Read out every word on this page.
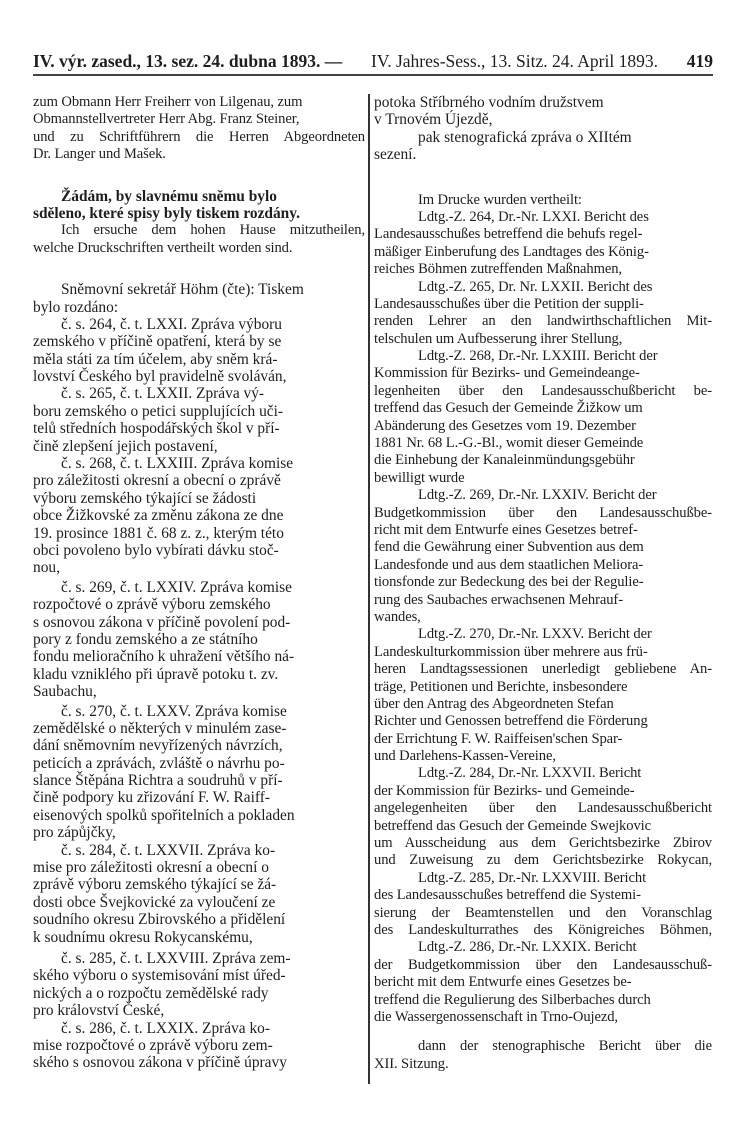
IV. výr. zased., 13. sez. 24. dubna 1893. — IV. Jahres-Sess., 13. Sitz. 24. April 1893. 419
zum Obmann Herr Freiherr von Lilgenau, zum
Obmannstellvertreter Herr Abg. Franz Steiner,
und zu Schriftführern die Herren Abgeordneten
Dr. Langer und Mašek.
Žádám, by slavnému sněmu bylo
sděleno, které spisy byly tiskem rozdány.
Ich ersuche dem hohen Hause mitzutheilen,
welche Druckschriften vertheilt worden sind.
Sněmovní sekretář Höhm (čte): Tiskem
bylo rozdáno:
č. s. 264, č. t. LXXI. Zpráva výboru
zemského v příčině opatření, která by se
měla státi za tím účelem, aby sněm krá-
lovství Českého byl pravidelně svoláván,
č. s. 265, č. t. LXXII. Zpráva vý-
boru zemského o petici supplujících uči-
telů středních hospodářských škol v pří-
čině zlepšení jejich postavení,
č. s. 268, č. t. LXXIII. Zpráva komise
pro záležitosti okresní a obecní o zprávě
výboru zemského týkající se žádosti
obce Žižkovské za změnu zákona ze dne
19. prosince 1881 č. 68 z. z., kterým této
obci povoleno bylo vybírati dávku stoč-
nou,
č. s. 269, č. t. LXXIV. Zpráva komise
rozpočtové o zprávě výboru zemského
s osnovou zákona v příčině povolení pod-
pory z fondu zemského a ze státního
fondu melioračního k uhražení většího ná-
kladu vzniklého při úpravě potoku t. zv.
Saubachu,
č. s. 270, č. t. LXXV. Zpráva komise
zemědělské o některých v minulém zase-
dání sněmovním nevyřízených návrzích,
peticích a zprávách, zvláště o návrhu po-
slance Štěpána Richtra a soudruhů v pří-
čině podpory ku zřizování F. W. Raiff-
eisenových spolků spořitelních a pokladen
pro zápůjčky,
č. s. 284, č. t. LXXVII. Zpráva ko-
mise pro záležitosti okresní a obecní o
zprávě výboru zemského týkající se žá-
dosti obce Švejkovické za vyloučení ze
soudního okresu Zbirovského a přidělení
k soudnímu okresu Rokycanskému,
č. s. 285, č. t. LXXVIII. Zpráva zem-
ského výboru o systemisování míst úřed-
nických a o rozpočtu zemědělské rady
pro království České,
č. s. 286, č. t. LXXIX. Zpráva ko-
mise rozpočtové o zprávě výboru zem-
ského s osnovou zákona v příčině úpravy
potoka Stříbrného vodním družstvem
v Trnovém Újezdě,
pak stenografická zpráva o XIItém
sezení.
Im Drucke wurden vertheilt:
Ldtg.-Z. 264, Dr.-Nr. LXXI. Bericht des
Landesausschußes betreffend die behufs regel-
mäßiger Einberufung des Landtages des König-
reiches Böhmen zutreffenden Maßnahmen,
Ldtg.-Z. 265, Dr. Nr. LXXII. Bericht des
Landesausschußes über die Petition der suppli-
renden Lehrer an den landwirthschaftlichen Mit-
telschulen um Aufbesserung ihrer Stellung,
Ldtg.-Z. 268, Dr.-Nr. LXXIII. Bericht der
Kommission für Bezirks- und Gemeindeange-
legenheiten über den Landesausschußbericht be-
treffend das Gesuch der Gemeinde Žižkow um
Abänderung des Gesetzes vom 19. Dezember
1881 Nr. 68 L.-G.-Bl., womit dieser Gemeinde
die Einhebung der Kanaleinmündungsgebühr
bewilligt wurde
Ldtg.-Z. 269, Dr.-Nr. LXXIV. Bericht der
Budgetkommission über den Landesausschußbe-
richt mit dem Entwurfe eines Gesetzes betref-
fend die Gewährung einer Subvention aus dem
Landesfonde und aus dem staatlichen Meliora-
tionsfonde zur Bedeckung des bei der Regulie-
rung des Saubaches erwachsenen Mehrauf-
wandes,
Ldtg.-Z. 270, Dr.-Nr. LXXV. Bericht der
Landeskulturkommission über mehrere aus frü-
heren Landtagssessionen unerledigt gebliebene An-
träge, Petitionen und Berichte, insbesondere
über den Antrag des Abgeordneten Stefan
Richter und Genossen betreffend die Förderung
der Errichtung F. W. Raiffeisen'schen Spar-
und Darlehens-Kassen-Vereine,
Ldtg.-Z. 284, Dr.-Nr. LXXVII. Bericht
der Kommission für Bezirks- und Gemeinde-
angelegenheiten über den Landesausschußbericht
betreffend das Gesuch der Gemeinde Swejkovic
um Ausscheidung aus dem Gerichtsbezirke Zbirov
und Zuweisung zu dem Gerichtsbezirke Rokycan,
Ldtg.-Z. 285, Dr.-Nr. LXXVIII. Bericht
des Landesausschußes betreffend die Systemi-
sierung der Beamtenstellen und den Voranschlag
des Landeskulturrathes des Königreiches Böhmen,
Ldtg.-Z. 286, Dr.-Nr. LXXIX. Bericht
der Budgetkommission über den Landesausschuß-
bericht mit dem Entwurfe eines Gesetzes be-
treffend die Regulierung des Silberbaches durch
die Wassergenossenschaft in Trno-Oujezd,
dann der stenographische Bericht über die
XII. Sitzung.
